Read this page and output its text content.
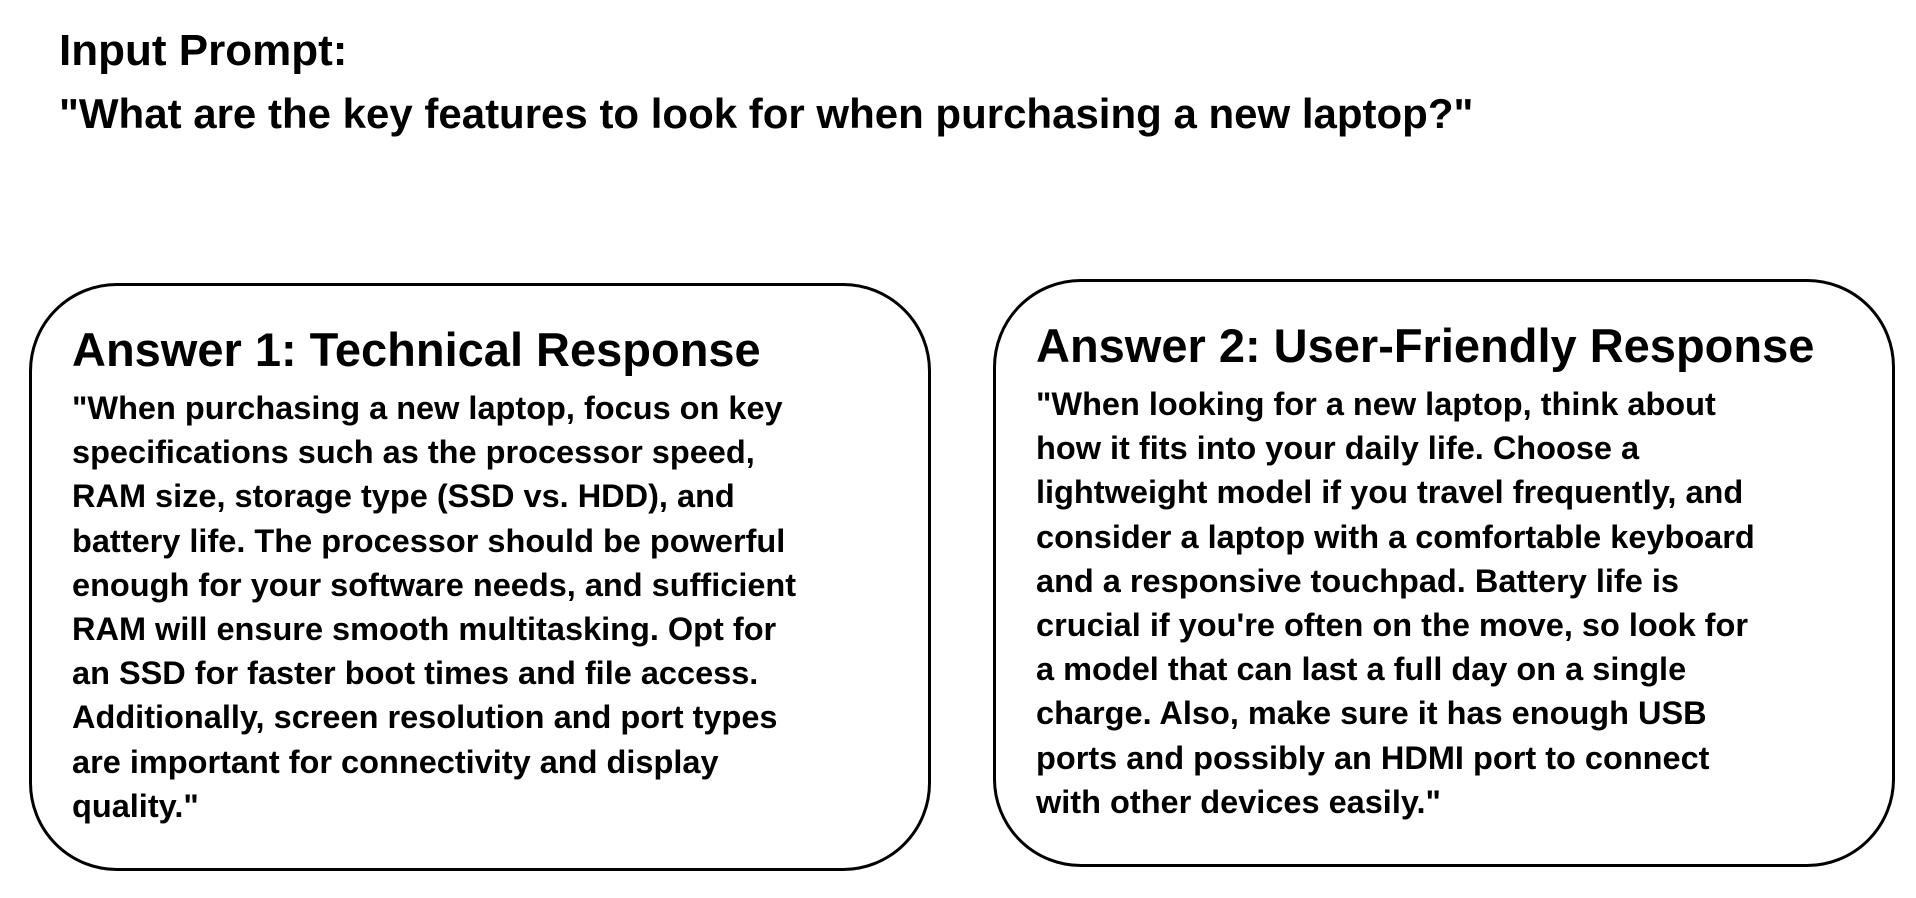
Input Prompt:
"What are the key features to look for when purchasing a new laptop?"
Answer 1: Technical Response
"When purchasing a new laptop, focus on key
specifications such as the processor speed,
RAM size, storage type (SSD vs. HDD), and
battery life. The processor should be powerful
enough for your software needs, and sufficient
RAM will ensure smooth multitasking. Opt for
an SSD for faster boot times and file access.
Additionally, screen resolution and port types
are important for connectivity and display
quality."
Answer 2: User-Friendly Response
"When looking for a new laptop, think about
how it fits into your daily life. Choose a
lightweight model if you travel frequently, and
consider a laptop with a comfortable keyboard
and a responsive touchpad. Battery life is
crucial if you're often on the move, so look for
a model that can last a full day on a single
charge. Also, make sure it has enough USB
ports and possibly an HDMI port to connect
with other devices easily."
